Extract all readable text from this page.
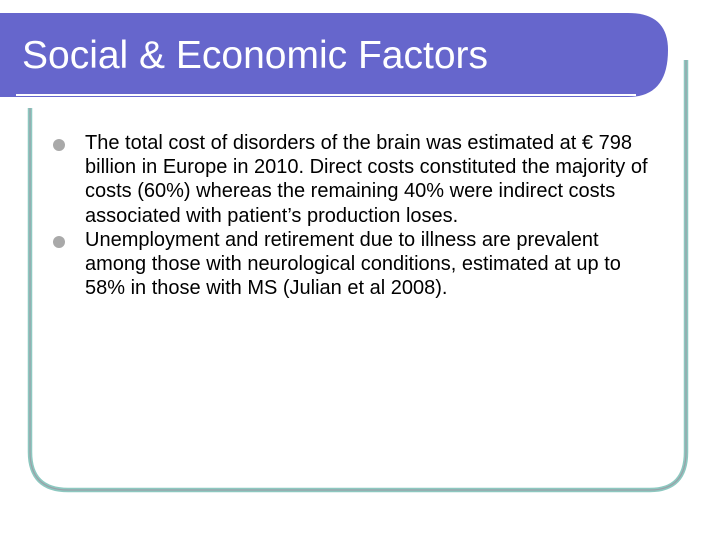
Social & Economic Factors
The total cost of disorders of the brain was estimated at € 798 billion in Europe in 2010. Direct costs constituted the majority of costs (60%) whereas the remaining 40% were indirect costs associated with patient’s production loses.
Unemployment and retirement due to illness are prevalent among those with neurological conditions, estimated at up to 58% in those with MS (Julian et al 2008).
